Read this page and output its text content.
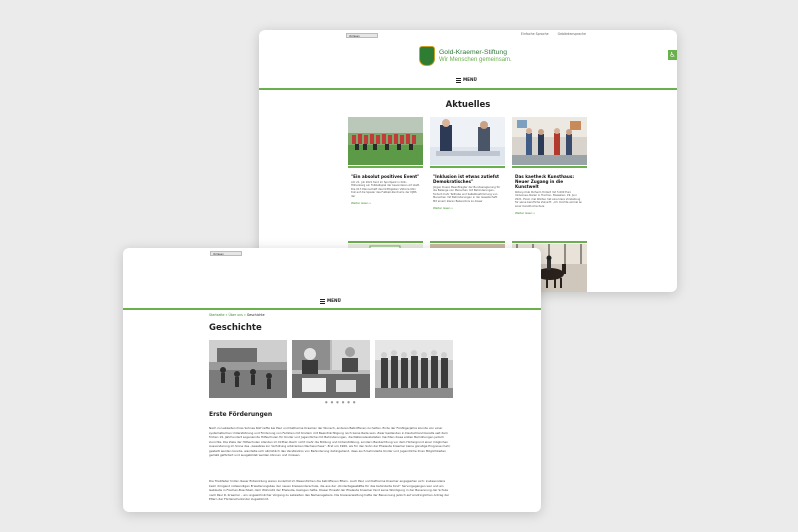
Vorlesen
Einfache Sprache	Gebärdensprache
♿
Gold-Kraemer-Stiftung
Wir Menschen gemeinsam.
MENÜ
Aktuelles
"Ein absolut positives Event"
Am 21. Juli 2021 fand im Sportpark in Köln-Höhenberg ein Fußballspiel der besonderen Art statt. Die U17-Mannschaft des Drittligisten Viktoria Köln trat auf die Spieler des Fußball-Zentrums der DJBS der
Weiter lesen »
"Inklusion ist etwas zutiefst Demokratisches"
Jürgen Dusel, Beauftragter der Bundesregierung für die Belange von Menschen mit Behinderungen, fordert mehr Teilhabe und Selbstbestimmung von Menschen mit Behinderungen in der Gesellschaft. Mit einem klaren Bekenntnis zu dieser
Weiter lesen »
Das kaethe:k Kunsthaus: Neuer Zugang in die Kunstwelt
Rotary-Club Pulheim fördert mit 5.000 Euro Inklusives Atelier in Frechen. Bisweilen: 29. Juni 2021. Einst, mal Warten hat eine klare Vorstellung für seine berufliche Zukunft: „Ich möchte einmal an einer Kunsthochschule
Weiter lesen »
Vorlesen
MENÜ
Startseite » Über uns » Geschichte
Geschichte
● ● ● ● ● ●
Erste Förderungen
Nach zu Lebzeiten ihres Sohnes Rolf reifte bei Paul und Katharina Kraemer der Wunsch, anderen Betroffenen zu helfen. Ende der Fünfzigerjahre konnte von einer systematischen Unterstützung und Förderung von Familien mit Kindern mit Beeinträchtigung noch keine Rede sein. Zwar bestanden in Deutschland bereits seit dem frühen 19. Jahrhundert sogenannte Hilfsschulen für Kinder und Jugendliche mit Behinderungen, die Nationalsozialisten machten diese ersten Bemühungen jedoch zunichte. Die Ziele der Hilfsschulen standen im Dritten Reich nicht mehr die Bildung und Unterstützung, sondern Beobachtung vor dem Hintergrund einer möglichen Aussonderung im Sinne des „Gesetzes zur Verhütung erbkranken Nachwuchses“. Erst um 1960, als für den Sohn der Eheleute Kraemer keine günstige Prognose mehr gestellt werden konnte, wandelte sich allmählich das Verständnis von Behinderung dahingehend, dass auch behinderte Kinder und Jugendliche ihren Möglichkeiten gemäß gefördert und ausgebildet werden können und müssen.
Die Triebfeder hinter dieser Entwicklung waren zunächst im Wesentlichen die betroffenen Eltern. Auch Paul und Katharina Kraemer engagierten sich: insbesondere beim dringend notwendigen Erweiterungsbau der neuen Kreissonderschule, die aus der „Kindertagesstätte für das behinderte Kind“ hervorgegangen war und ein Gebäude in Frechen-Buschbell, dem Wohnsitz der Eheleute, bezogen hatte. Dieser Einsatz der Eheleute Kraemer fand seine Würdigung in der Benennung der Schule nach Paul R. Kraemer – ein ungewöhnlicher Vorgang zu Lebzeiten des Namensgebers. Die Kreisverwaltung hatte der Benennung jedoch auf eindringlichen Antrag der Eltern der Förderschulkinder zugestimmt.
